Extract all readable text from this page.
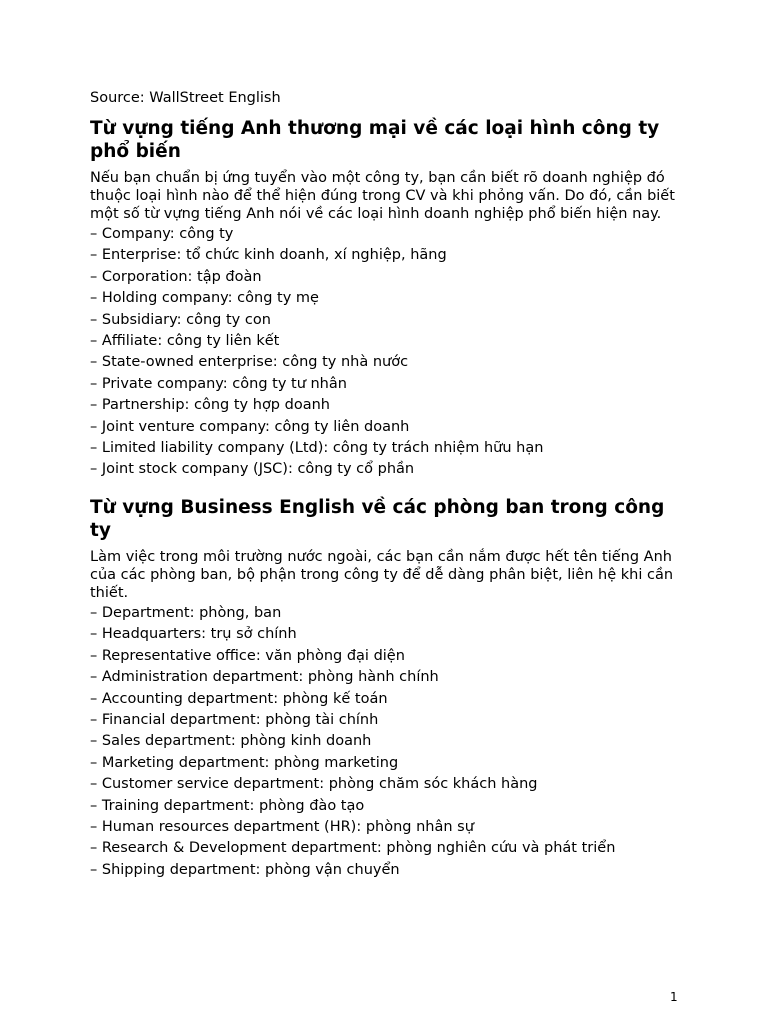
Source: WallStreet English
Từ vựng tiếng Anh thương mại về các loại hình công ty phổ biến
Nếu bạn chuẩn bị ứng tuyển vào một công ty, bạn cần biết rõ doanh nghiệp đó thuộc loại hình nào để thể hiện đúng trong CV và khi phỏng vấn. Do đó, cần biết một số từ vựng tiếng Anh nói về các loại hình doanh nghiệp phổ biến hiện nay.
– Company: công ty
– Enterprise: tổ chức kinh doanh, xí nghiệp, hãng
– Corporation: tập đoàn
– Holding company: công ty mẹ
– Subsidiary: công ty con
– Affiliate: công ty liên kết
– State-owned enterprise: công ty nhà nước
– Private company: công ty tư nhân
– Partnership: công ty hợp doanh
– Joint venture company: công ty liên doanh
– Limited liability company (Ltd): công ty trách nhiệm hữu hạn
– Joint stock company (JSC): công ty cổ phần
Từ vựng Business English về các phòng ban trong công ty
Làm việc trong môi trường nước ngoài, các bạn cần nắm được hết tên tiếng Anh của các phòng ban, bộ phận trong công ty để dễ dàng phân biệt, liên hệ khi cần thiết.
– Department: phòng, ban
– Headquarters: trụ sở chính
– Representative office: văn phòng đại diện
– Administration department: phòng hành chính
– Accounting department: phòng kế toán
– Financial department: phòng tài chính
– Sales department: phòng kinh doanh
– Marketing department: phòng marketing
– Customer service department: phòng chăm sóc khách hàng
– Training department: phòng đào tạo
– Human resources department (HR): phòng nhân sự
– Research & Development department: phòng nghiên cứu và phát triển
– Shipping department: phòng vận chuyển
1
